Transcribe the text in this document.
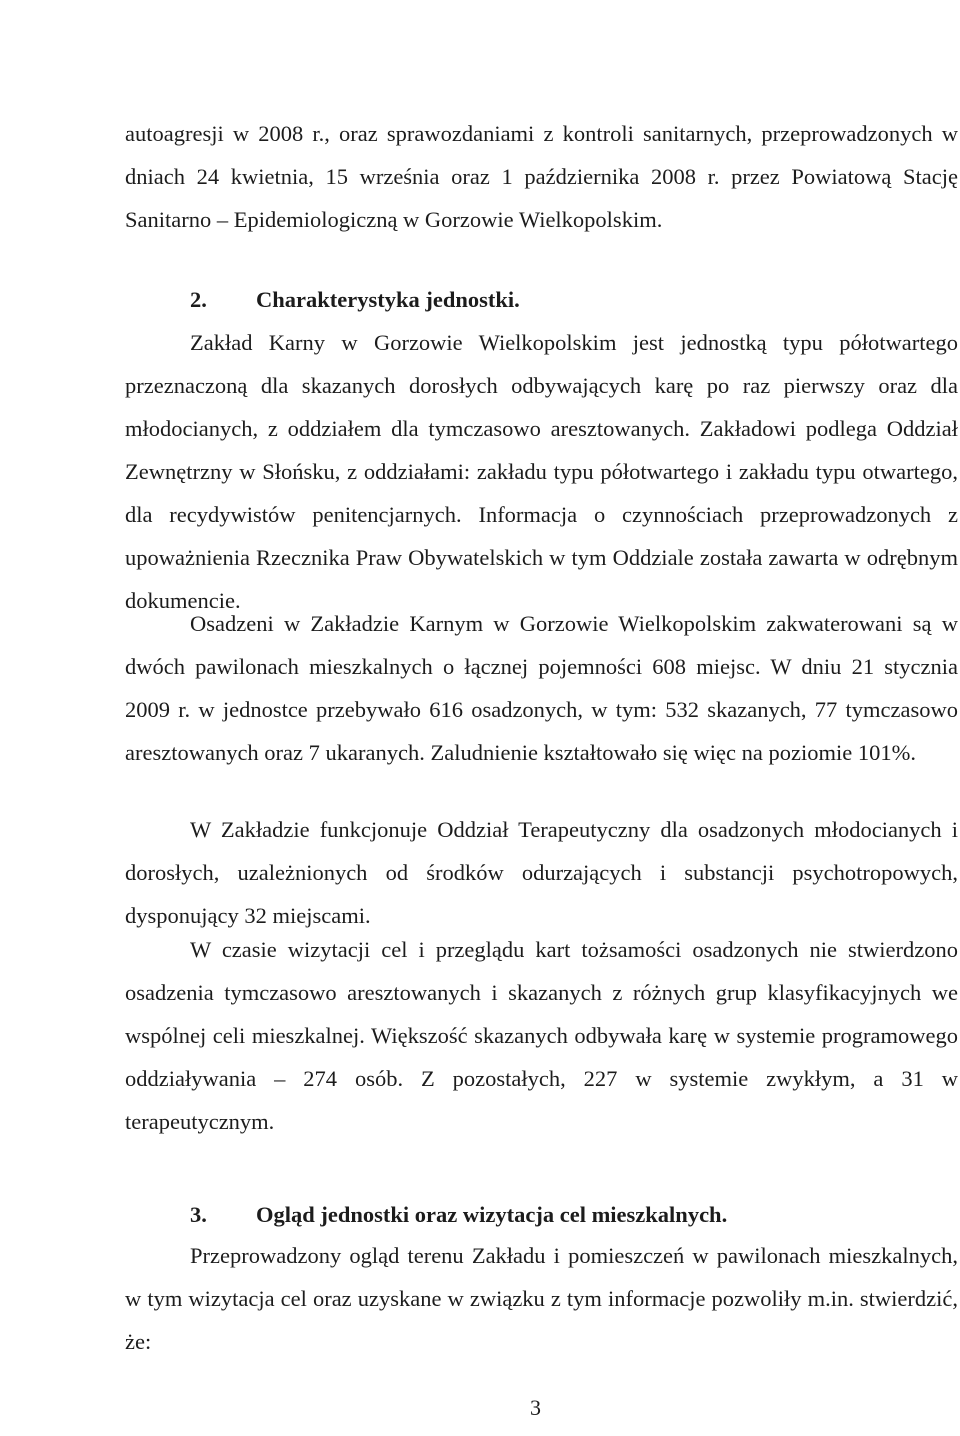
autoagresji w 2008 r., oraz sprawozdaniami z kontroli sanitarnych, przeprowadzonych w dniach 24 kwietnia, 15 września oraz 1 października 2008 r. przez Powiatową Stację Sanitarno – Epidemiologiczną w Gorzowie Wielkopolskim.

2. Charakterystyka jednostki.

Zakład Karny w Gorzowie Wielkopolskim jest jednostką typu półotwartego przeznaczoną dla skazanych dorosłych odbywających karę po raz pierwszy oraz dla młodocianych, z oddziałem dla tymczasowo aresztowanych. Zakładowi podlega Oddział Zewnętrzny w Słońsku, z oddziałami: zakładu typu półotwartego i zakładu typu otwartego, dla recydywistów penitencjarnych. Informacja o czynnościach przeprowadzonych z upoważnienia Rzecznika Praw Obywatelskich w tym Oddziale została zawarta w odrębnym dokumencie.

Osadzeni w Zakładzie Karnym w Gorzowie Wielkopolskim zakwaterowani są w dwóch pawilonach mieszkalnych o łącznej pojemności 608 miejsc. W dniu 21 stycznia 2009 r. w jednostce przebywało 616 osadzonych, w tym: 532 skazanych, 77 tymczasowo aresztowanych oraz 7 ukaranych. Zaludnienie kształtowało się więc na poziomie 101%.

W Zakładzie funkcjonuje Oddział Terapeutyczny dla osadzonych młodocianych i dorosłych, uzależnionych od środków odurzających i substancji psychotropowych, dysponujący 32 miejscami.

W czasie wizytacji cel i przeglądu kart tożsamości osadzonych nie stwierdzono osadzenia tymczasowo aresztowanych i skazanych z różnych grup klasyfikacyjnych we wspólnej celi mieszkalnej. Większość skazanych odbywała karę w systemie programowego oddziaływania – 274 osób. Z pozostałych, 227 w systemie zwykłym, a 31 w terapeutycznym.

3. Ogląd jednostki oraz wizytacja cel mieszkalnych.

Przeprowadzony ogląd terenu Zakładu i pomieszczeń w pawilonach mieszkalnych, w tym wizytacja cel oraz uzyskane w związku z tym informacje pozwoliły m.in. stwierdzić, że:

3
